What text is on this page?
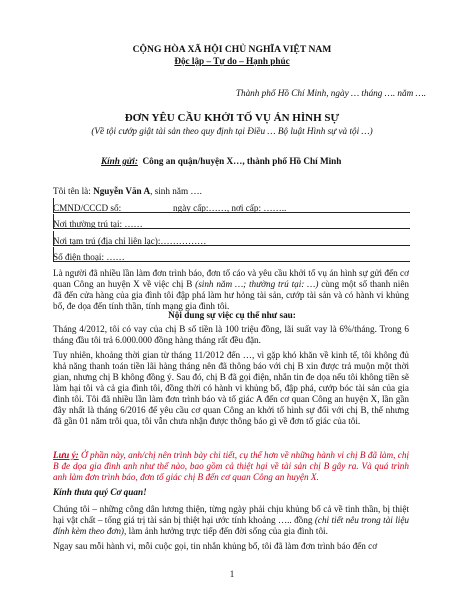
CỘNG HÒA XÃ HỘI CHỦ NGHĨA VIỆT NAM
Độc lập – Tự do – Hạnh phúc
Thành phố Hồ Chí Minh, ngày … tháng …. năm ….
ĐƠN YÊU CẦU KHỞI TỐ VỤ ÁN HÌNH SỰ
(Về tội cướp giật tài sản theo quy định tại Điều … Bộ luật Hình sự và tội …)
Kính gửi: Công an quận/huyện X…, thành phố Hồ Chí Minh
Tôi tên là: Nguyễn Văn A, sinh năm ….
CMND/CCCD số:	ngày cấp:……, nơi cấp: ……..
Nơi thường trú tại: ……
Nơi tạm trú (địa chỉ liên lạc):……………
Số điện thoại: ……
Là người đã nhiều lần làm đơn trình báo, đơn tố cáo và yêu cầu khởi tố vụ án hình sự gửi đến cơ quan Công an huyện X về việc chị B (sinh năm …; thường trú tại: …) cùng một số thanh niên đã đến cửa hàng của gia đình tôi đập phá làm hư hỏng tài sản, cướp tài sản và có hành vi khủng bố, đe dọa đến tính thần, tính mạng gia đình tôi.
Nội dung sự việc cụ thể như sau:
Tháng 4/2012, tôi có vay của chị B số tiền là 100 triệu đồng, lãi suất vay là 6%/tháng. Trong 6 tháng đầu tôi trả 6.000.000 đồng hàng tháng rất đều đặn.
Tuy nhiên, khoảng thời gian từ tháng 11/2012 đến …, vì gặp khó khăn về kinh tế, tôi không đủ khả năng thanh toán tiền lãi hàng tháng nên đã thông báo với chị B xin được trả muộn một thời gian, nhưng chị B không đồng ý. Sau đó, chị B đã gọi điện, nhắn tin đe dọa nếu tôi không tiền sẽ làm hại tôi và cả gia đình tôi, đồng thời có hành vi khủng bố, đập phá, cướp bóc tài sản của gia đình tôi. Tôi đã nhiều lần làm đơn trình báo và tố giác A đến cơ quan Công an huyện X, lần gần đây nhất là tháng 6/2016 để yêu cầu cơ quan Công an khởi tố hình sự đối với chị B, thế nhưng đã gần 01 năm trôi qua, tôi vẫn chưa nhận được thông báo gì về đơn tố giác của tôi.
Lưu ý: Ở phần này, anh/chị nên trình bày chi tiết, cụ thể hơn về những hành vi chị B đã làm, chị B đe dọa gia đình anh như thế nào, bao gồm cả thiệt hại về tài sản chị B gây ra. Và quá trình anh làm đơn trình báo, đơn tố giác chị B đến cơ quan Công an huyện X.
Kính thưa quý Cơ quan!
Chúng tôi – những công dân lương thiện, từng ngày phải chịu khủng bố cả về tinh thần, bị thiệt hại vật chất – tổng giá trị tài sản bị thiệt hại ước tính khoảng ….. đồng (chi tiết nêu trong tài liệu đính kèm theo đơn), làm ảnh hưởng trực tiếp đến đời sống của gia đình tôi.
Ngay sau mỗi hành vi, mỗi cuộc gọi, tin nhắn khủng bố, tôi đã làm đơn trình báo đến cơ
1
